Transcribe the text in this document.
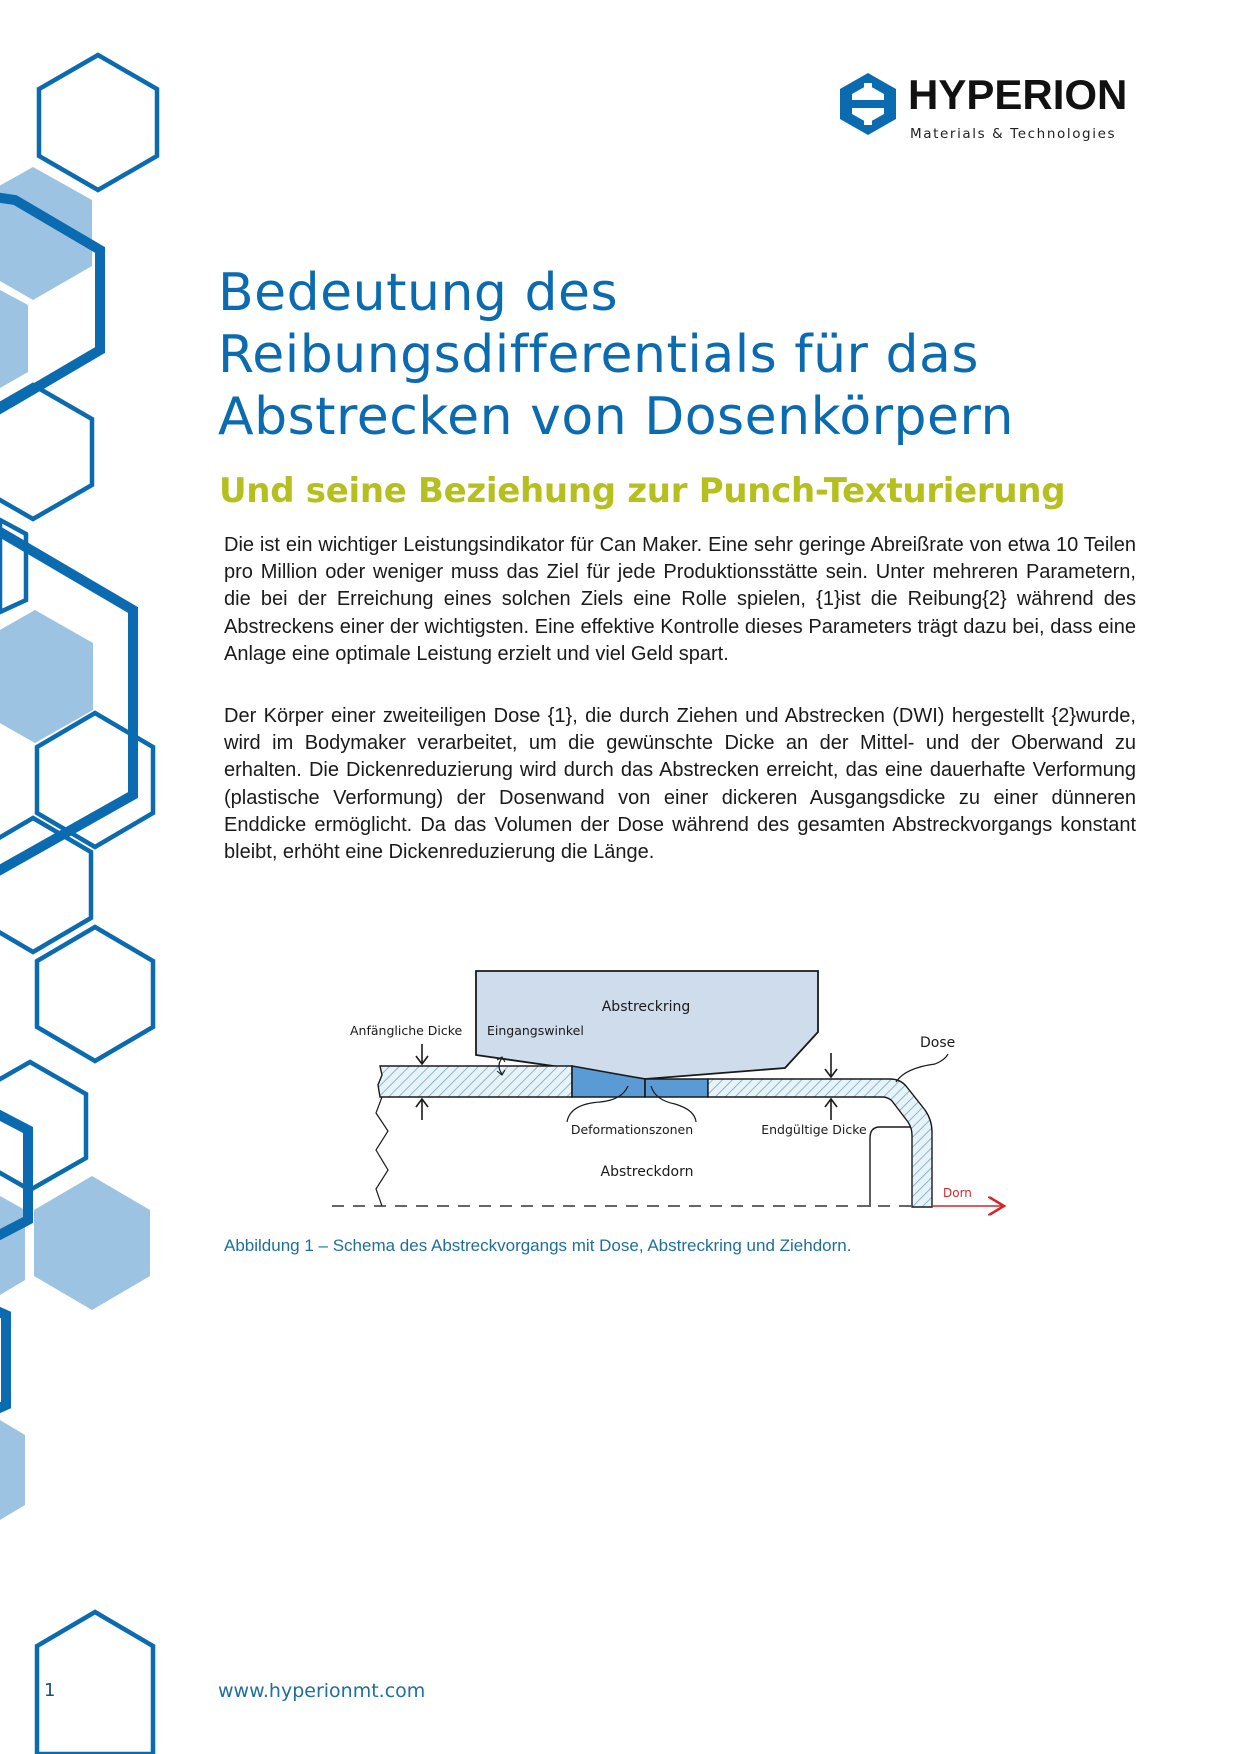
HYPERION
Materials & Technologies
Bedeutung des
Reibungsdifferentials für das
Abstrecken von Dosenkörpern
Und seine Beziehung zur Punch-Texturierung

Die ist ein wichtiger Leistungsindikator für Can Maker. Eine sehr geringe Abreißrate von etwa 10 Teilen pro Million oder weniger muss das Ziel für jede Produktionsstätte sein. Unter mehreren Parametern, die bei der Erreichung eines solchen Ziels eine Rolle spielen, {1}ist die Reibung{2} während des Abstreckens einer der wichtigsten. Eine effektive Kontrolle dieses Parameters trägt dazu bei, dass eine Anlage eine optimale Leistung erzielt und viel Geld spart.

Der Körper einer zweiteiligen Dose {1}, die durch Ziehen und Abstrecken (DWI) hergestellt {2}wurde, wird im Bodymaker verarbeitet, um die gewünschte Dicke an der Mittel- und der Oberwand zu erhalten. Die Dickenreduzierung wird durch das Abstrecken erreicht, das eine dauerhafte Verformung (plastische Verformung) der Dosenwand von einer dickeren Ausgangsdicke zu einer dünneren Enddicke ermöglicht. Da das Volumen der Dose während des gesamten Abstreckvorgangs konstant bleibt, erhöht eine Dickenreduzierung die Länge.

Abstreckring
Anfängliche Dicke Eingangswinkel
Dose
Deformationszonen	Endgültige Dicke
Abstreckdorn
Dorn

Abbildung 1 – Schema des Abstreckvorgangs mit Dose, Abstreckring und Ziehdorn.

1	www.hyperionmt.com
